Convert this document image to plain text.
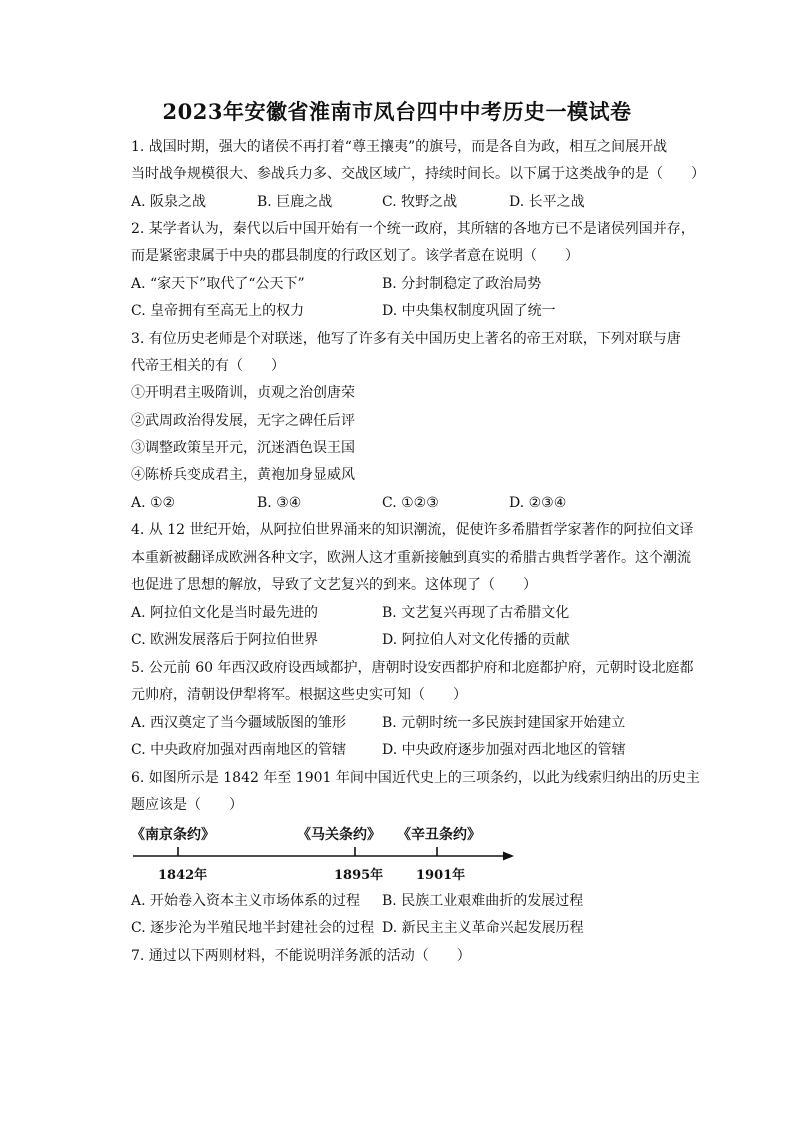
2023年安徽省淮南市凤台四中中考历史一模试卷
1. 战国时期，强大的诸侯不再打着“尊王攘夷”的旗号，而是各自为政，相互之间展开战
当时战争规模很大、参战兵力多、交战区域广，持续时间长。以下属于这类战争的是（　　）
A. 阪泉之战	B. 巨鹿之战	C. 牧野之战	D. 长平之战
2. 某学者认为，秦代以后中国开始有一个统一政府，其所辖的各地方已不是诸侯列国并存，
而是紧密隶属于中央的郡县制度的行政区划了。该学者意在说明（　　）
A. “家天下”取代了“公天下”	B. 分封制稳定了政治局势
C. 皇帝拥有至高无上的权力	D. 中央集权制度巩固了统一
3. 有位历史老师是个对联迷，他写了许多有关中国历史上著名的帝王对联，下列对联与唐
代帝王相关的有（　　）
①开明君主吸隋训，贞观之治创唐荣
②武周政治得发展，无字之碑任后评
③调整政策呈开元，沉迷酒色误王国
④陈桥兵变成君主，黄袍加身显威风
A. ①②	B. ③④	C. ①②③	D. ②③④
4. 从 12 世纪开始，从阿拉伯世界涌来的知识潮流，促使许多希腊哲学家著作的阿拉伯文译
本重新被翻译成欧洲各种文字，欧洲人这才重新接触到真实的希腊古典哲学著作。这个潮流
也促进了思想的解放，导致了文艺复兴的到来。这体现了（　　）
A. 阿拉伯文化是当时最先进的	B. 文艺复兴再现了古希腊文化
C. 欧洲发展落后于阿拉伯世界	D. 阿拉伯人对文化传播的贡献
5. 公元前 60 年西汉政府设西域都护，唐朝时设安西都护府和北庭都护府，元朝时设北庭都
元帅府，清朝设伊犁将军。根据这些史实可知（　　）
A. 西汉奠定了当今疆域版图的雏形	B. 元朝时统一多民族封建国家开始建立
C. 中央政府加强对西南地区的管辖	D. 中央政府逐步加强对西北地区的管辖
6. 如图所示是 1842 年至 1901 年间中国近代史上的三项条约，以此为线索归纳出的历史主
题应该是（　　）
《南京条约》	《马关条约》 《辛丑条约》
1842年	1895年	1901年
A. 开始卷入资本主义市场体系的过程 B. 民族工业艰难曲折的发展过程
C. 逐步沦为半殖民地半封建社会的过程 D. 新民主主义革命兴起发展历程
7. 通过以下两则材料，不能说明洋务派的活动（　　）
